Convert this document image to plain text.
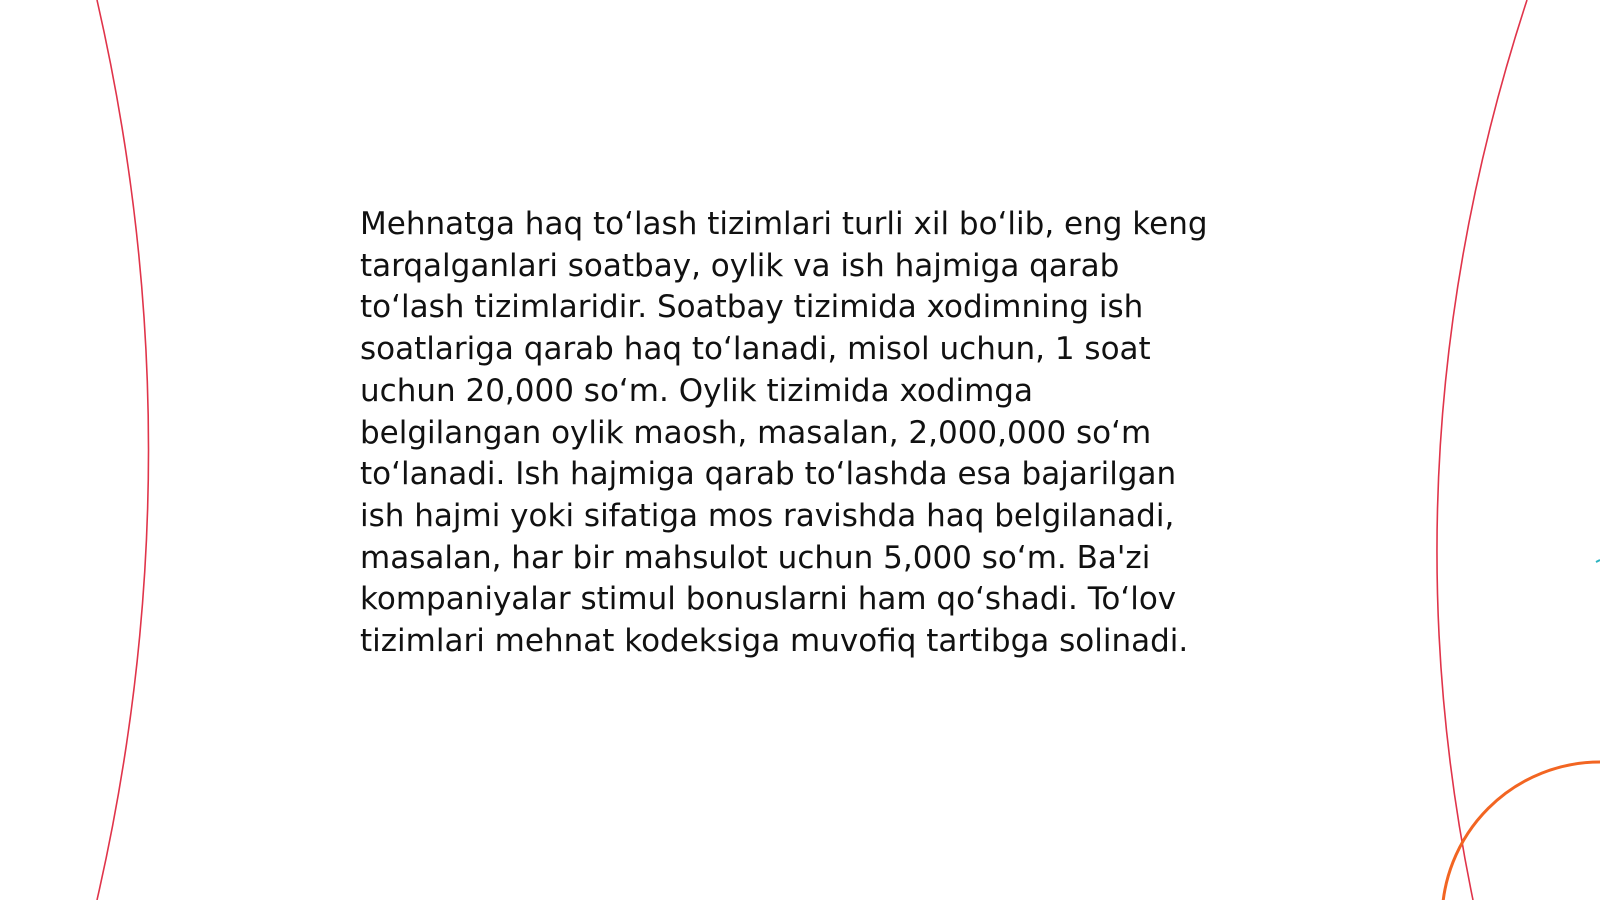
Mehnatga haq to‘lash tizimlari turli xil bo‘lib, eng keng
tarqalganlari soatbay, oylik va ish hajmiga qarab
to‘lash tizimlaridir. Soatbay tizimida xodimning ish
soatlariga qarab haq to‘lanadi, misol uchun, 1 soat
uchun 20,000 so‘m. Oylik tizimida xodimga
belgilangan oylik maosh, masalan, 2,000,000 so‘m
to‘lanadi. Ish hajmiga qarab to‘lashda esa bajarilgan
ish hajmi yoki sifatiga mos ravishda haq belgilanadi,
masalan, har bir mahsulot uchun 5,000 so‘m. Ba'zi
kompaniyalar stimul bonuslarni ham qo‘shadi. To‘lov
tizimlari mehnat kodeksiga muvofiq tartibga solinadi.
